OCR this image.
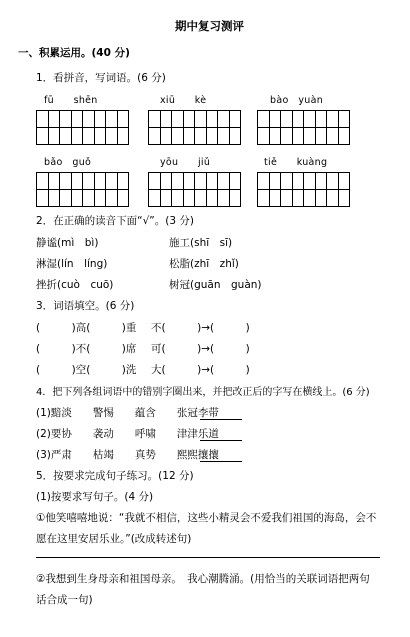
期中复习测评
一、积累运用。(40 分)
1．看拼音，写词语。(6 分)
fū　　shēn	xiū　　kè	bào　yuàn
bǎo　guǒ	yōu　　jiǔ	tiě　　kuàng
2．在正确的读音下面“√”。(3 分)
静谧(mì　bì)	施工(shī　sī)
淋湿(lín　líng)	松脂(zhī　zhǐ)
挫折(cuò　cuō)	树冠(guān　guàn)
3．词语填空。(6 分)
(　　　)高(　　　)重 不(　　　)→(　　　)
(　　　)不(　　　)席 可(　　　)→(　　　)
(　　　)空(　　　)洗 大(　　　)→(　　　)
4．把下列各组词语中的错别字圈出来，并把改正后的字写在横线上。(6 分)
(1)黯淡　　警惕　　蕴含　　张冠李带
(2)要协　　袭动　　呼啸　　津津乐道
(3)严肃　　枯竭　　真势　　熙熙攘攘
5．按要求完成句子练习。(12 分)
(1)按要求写句子。(4 分)
①他笑嘻嘻地说：“我就不相信，这些小精灵会不爱我们祖国的海岛，会不
愿在这里安居乐业。”(改成转述句)
②我想到生身母亲和祖国母亲。　我心潮腾涌。(用恰当的关联词语把两句
话合成一句)
